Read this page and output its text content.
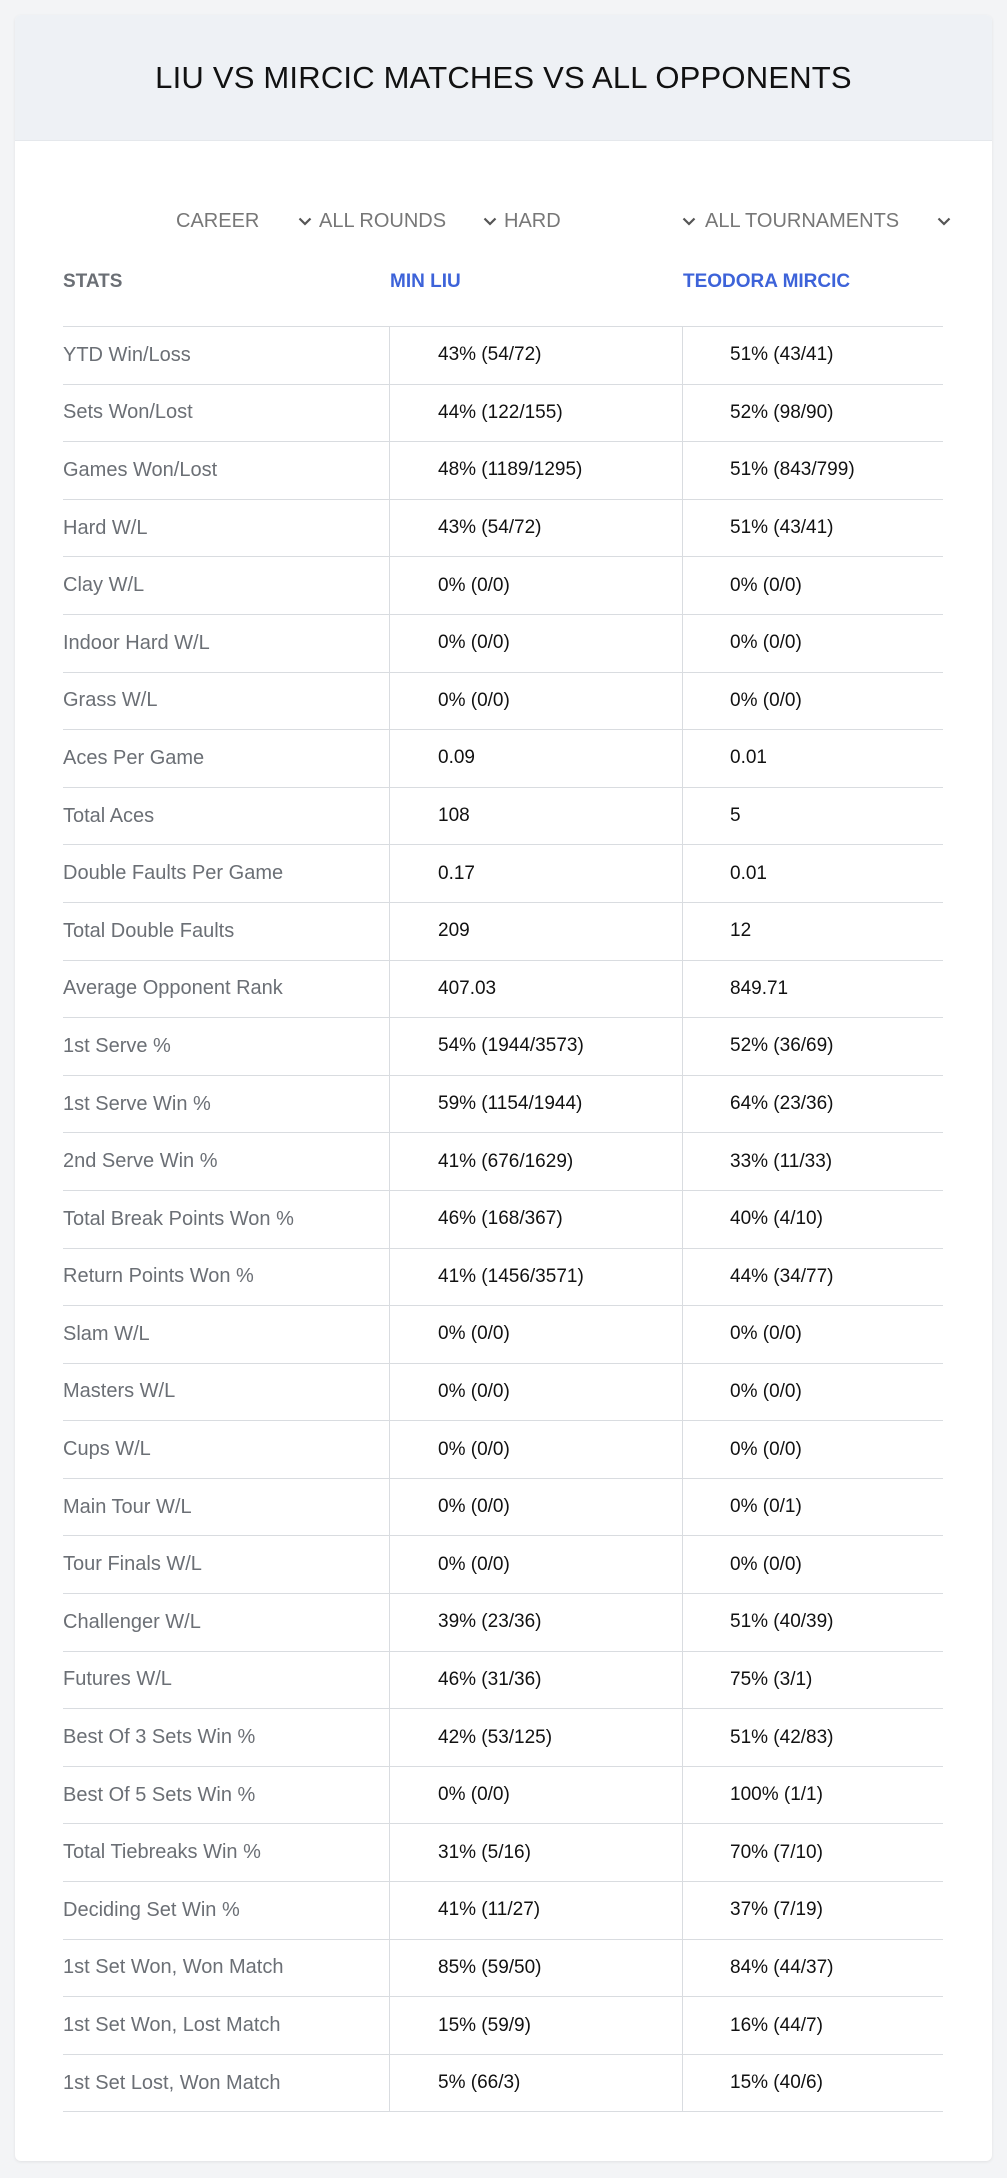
LIU VS MIRCIC MATCHES VS ALL OPPONENTS
CAREER	ALL ROUNDS	HARD	ALL TOURNAMENTS
STATS	MIN LIU	TEODORA MIRCIC
YTD Win/Loss	43% (54/72)	51% (43/41)
Sets Won/Lost	44% (122/155)	52% (98/90)
Games Won/Lost	48% (1189/1295)	51% (843/799)
Hard W/L	43% (54/72)	51% (43/41)
Clay W/L	0% (0/0)	0% (0/0)
Indoor Hard W/L	0% (0/0)	0% (0/0)
Grass W/L	0% (0/0)	0% (0/0)
Aces Per Game	0.09	0.01
Total Aces	108	5
Double Faults Per Game	0.17	0.01
Total Double Faults	209	12
Average Opponent Rank	407.03	849.71
1st Serve %	54% (1944/3573)	52% (36/69)
1st Serve Win %	59% (1154/1944)	64% (23/36)
2nd Serve Win %	41% (676/1629)	33% (11/33)
Total Break Points Won %	46% (168/367)	40% (4/10)
Return Points Won %	41% (1456/3571)	44% (34/77)
Slam W/L	0% (0/0)	0% (0/0)
Masters W/L	0% (0/0)	0% (0/0)
Cups W/L	0% (0/0)	0% (0/0)
Main Tour W/L	0% (0/0)	0% (0/1)
Tour Finals W/L	0% (0/0)	0% (0/0)
Challenger W/L	39% (23/36)	51% (40/39)
Futures W/L	46% (31/36)	75% (3/1)
Best Of 3 Sets Win %	42% (53/125)	51% (42/83)
Best Of 5 Sets Win %	0% (0/0)	100% (1/1)
Total Tiebreaks Win %	31% (5/16)	70% (7/10)
Deciding Set Win %	41% (11/27)	37% (7/19)
1st Set Won, Won Match	85% (59/50)	84% (44/37)
1st Set Won, Lost Match	15% (59/9)	16% (44/7)
1st Set Lost, Won Match	5% (66/3)	15% (40/6)
